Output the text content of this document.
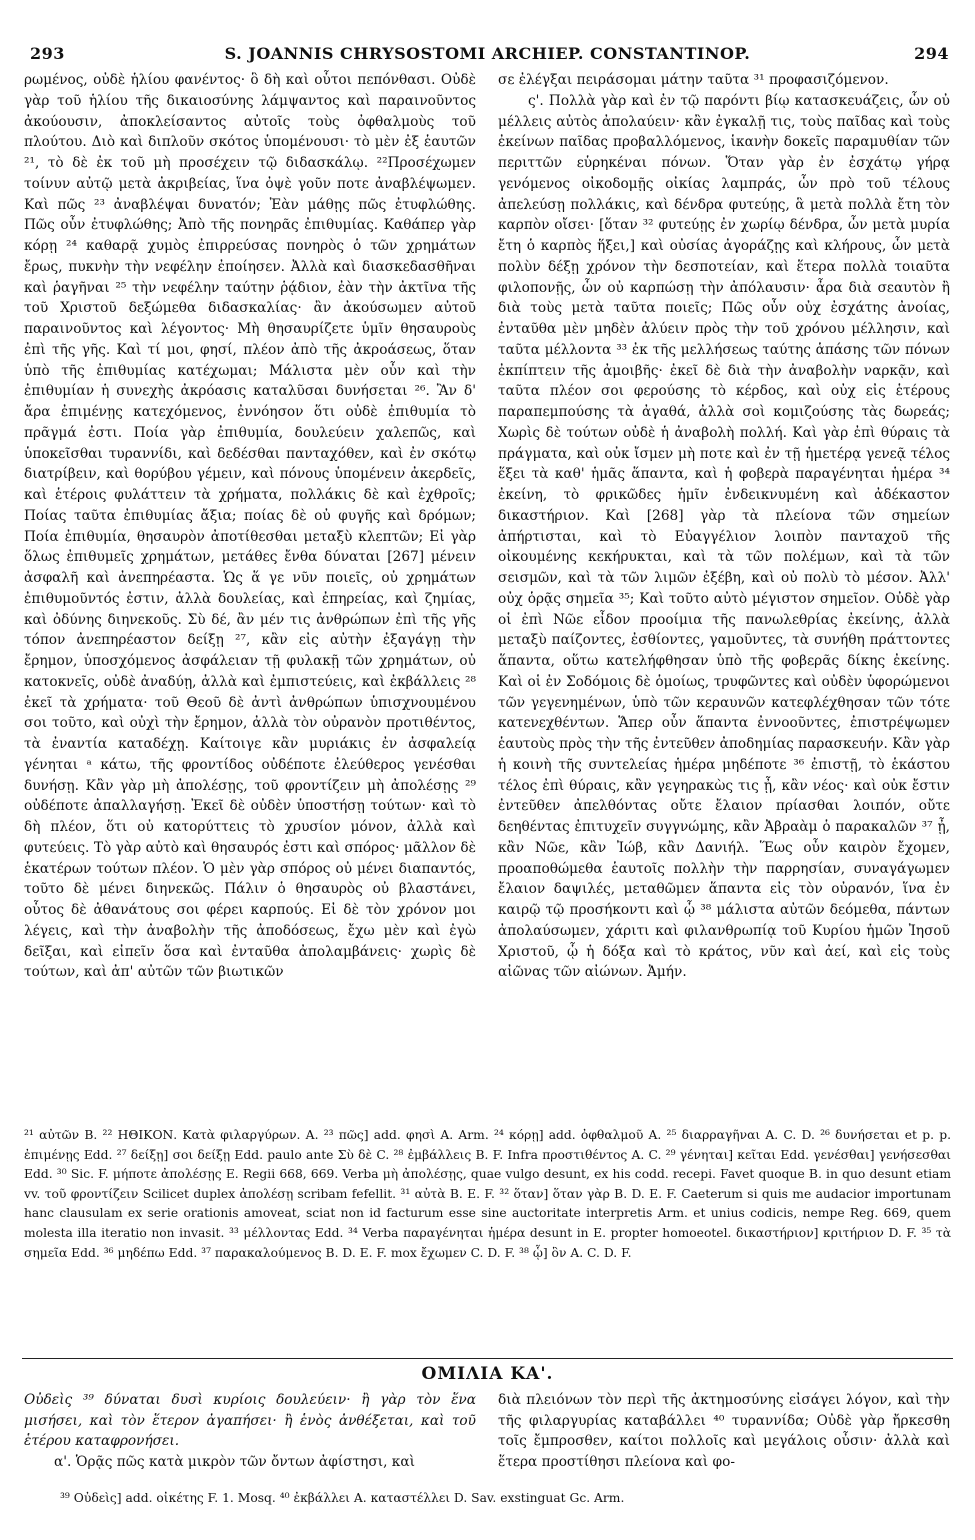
293	S. JOANNIS CHRYSOSTOMI ARCHIEP. CONSTANTINOP.	294

ρωμένος, οὐδὲ ἡλίου φανέντος· ὃ δὴ καὶ οὗτοι πεπόνθασι. Οὐδὲ γὰρ τοῦ ἡλίου τῆς δικαιοσύνης λάμψαντος καὶ παραινοῦντος ἀκούουσιν, ἀποκλείσαντος αὐτοῖς τοὺς ὀφθαλμοὺς τοῦ πλούτου. Διὸ καὶ διπλοῦν σκότος ὑπομένουσι· τὸ μὲν ἐξ ἑαυτῶν ²¹, τὸ δὲ ἐκ τοῦ μὴ προσέχειν τῷ διδασκάλῳ. ²²Προσέχωμεν τοίνυν αὐτῷ μετὰ ἀκριβείας, ἵνα ὀψὲ γοῦν ποτε ἀναβλέψωμεν. Καὶ πῶς ²³ ἀναβλέψαι δυνατόν; Ἐὰν μάθῃς πῶς ἐτυφλώθης. Πῶς οὖν ἐτυφλώθης; Ἀπὸ τῆς πονηρᾶς ἐπιθυμίας. Καθάπερ γὰρ κόρῃ ²⁴ καθαρᾷ χυμὸς ἐπιρρεύσας πονηρὸς ὁ τῶν χρημάτων ἔρως, πυκνὴν τὴν νεφέλην ἐποίησεν. Ἀλλὰ καὶ διασκεδασθῆναι καὶ ῥαγῆναι ²⁵ τὴν νεφέλην ταύτην ῥᾴδιον, ἐὰν τὴν ἀκτῖνα τῆς τοῦ Χριστοῦ δεξώμεθα διδασκαλίας· ἂν ἀκούσωμεν αὐτοῦ παραινοῦντος καὶ λέγοντος· Μὴ θησαυρίζετε ὑμῖν θησαυροὺς ἐπὶ τῆς γῆς. Καὶ τί μοι, φησί, πλέον ἀπὸ τῆς ἀκροάσεως, ὅταν ὑπὸ τῆς ἐπιθυμίας κατέχωμαι; Μάλιστα μὲν οὖν καὶ τὴν ἐπιθυμίαν ἡ συνεχὴς ἀκρόασις καταλῦσαι δυνήσεται ²⁶. Ἂν δ' ἄρα ἐπιμένῃς κατεχόμενος, ἐννόησον ὅτι οὐδὲ ἐπιθυμία τὸ πρᾶγμά ἐστι. Ποία γὰρ ἐπιθυμία, δουλεύειν χαλεπῶς, καὶ ὑποκεῖσθαι τυραννίδι, καὶ δεδέσθαι πανταχόθεν, καὶ ἐν σκότῳ διατρίβειν, καὶ θορύβου γέμειν, καὶ πόνους ὑπομένειν ἀκερδεῖς, καὶ ἑτέροις φυλάττειν τὰ χρήματα, πολλάκις δὲ καὶ ἐχθροῖς; Ποίας ταῦτα ἐπιθυμίας ἄξια; ποίας δὲ οὐ φυγῆς καὶ δρόμων; Ποία ἐπιθυμία, θησαυρὸν ἀποτίθεσθαι μεταξὺ κλεπτῶν; Εἰ γὰρ ὅλως ἐπιθυμεῖς χρημάτων, μετάθες ἔνθα δύναται [267] μένειν ἀσφαλῆ καὶ ἀνεπηρέαστα. Ὡς ἅ γε νῦν ποιεῖς, οὐ χρημάτων ἐπιθυμοῦντός ἐστιν, ἀλλὰ δουλείας, καὶ ἐπηρείας, καὶ ζημίας, καὶ ὀδύνης διηνεκοῦς. Σὺ δέ, ἂν μέν τις ἀνθρώπων ἐπὶ τῆς γῆς τόπον ἀνεπηρέαστον δείξῃ ²⁷, κἂν εἰς αὐτὴν ἐξαγάγῃ τὴν ἔρημον, ὑποσχόμενος ἀσφάλειαν τῇ φυλακῇ τῶν χρημάτων, οὐ κατοκνεῖς, οὐδὲ ἀναδύῃ, ἀλλὰ καὶ ἐμπιστεύεις, καὶ ἐκβάλλεις ²⁸ ἐκεῖ τὰ χρήματα· τοῦ Θεοῦ δὲ ἀντὶ ἀνθρώπων ὑπισχνουμένου σοι τοῦτο, καὶ οὐχὶ τὴν ἔρημον, ἀλλὰ τὸν οὐρανὸν προτιθέντος, τὰ ἐναντία καταδέχῃ. Καίτοιγε κἂν μυριάκις ἐν ἀσφαλείᾳ γένηται ᵃ κάτω, τῆς φροντίδος οὐδέποτε ἐλεύθερος γενέσθαι δυνήσῃ. Κἂν γὰρ μὴ ἀπολέσῃς, τοῦ φροντίζειν μὴ ἀπολέσῃς ²⁹ οὐδέποτε ἀπαλλαγήσῃ. Ἐκεῖ δὲ οὐδὲν ὑποστήσῃ τούτων· καὶ τὸ δὴ πλέον, ὅτι οὐ κατορύττεις τὸ χρυσίον μόνον, ἀλλὰ καὶ φυτεύεις. Τὸ γὰρ αὐτὸ καὶ θησαυρός ἐστι καὶ σπόρος· μᾶλλον δὲ ἑκατέρων τούτων πλέον. Ὁ μὲν γὰρ σπόρος οὐ μένει διαπαντός, τοῦτο δὲ μένει διηνεκῶς. Πάλιν ὁ θησαυρὸς οὐ βλαστάνει, οὗτος δὲ ἀθανάτους σοι φέρει καρπούς. Εἰ δὲ τὸν χρόνον μοι λέγεις, καὶ τὴν ἀναβολὴν τῆς ἀποδόσεως, ἔχω μὲν καὶ ἐγὼ δεῖξαι, καὶ εἰπεῖν ὅσα καὶ ἐνταῦθα ἀπολαμβάνεις· χωρὶς δὲ τούτων, καὶ ἀπ' αὐτῶν τῶν βιωτικῶν

σε ἐλέγξαι πειράσομαι μάτην ταῦτα ³¹ προφασιζόμενον.

ς'. Πολλὰ γὰρ καὶ ἐν τῷ παρόντι βίῳ κατασκευάζεις, ὧν οὐ μέλλεις αὐτὸς ἀπολαύειν· κἂν ἐγκαλῇ τις, τοὺς παῖδας καὶ τοὺς ἐκείνων παῖδας προβαλλόμενος, ἱκανὴν δοκεῖς παραμυθίαν τῶν περιττῶν εὑρηκέναι πόνων. Ὅταν γὰρ ἐν ἐσχάτῳ γήρᾳ γενόμενος οἰκοδομῇς οἰκίας λαμπράς, ὧν πρὸ τοῦ τέλους ἀπελεύσῃ πολλάκις, καὶ δένδρα φυτεύῃς, ἃ μετὰ πολλὰ ἔτη τὸν καρπὸν οἴσει· [ὅταν ³² φυτεύῃς ἐν χωρίῳ δένδρα, ὧν μετὰ μυρία ἔτη ὁ καρπὸς ἥξει,] καὶ οὐσίας ἀγοράζῃς καὶ κλήρους, ὧν μετὰ πολὺν δέξῃ χρόνον τὴν δεσποτείαν, καὶ ἕτερα πολλὰ τοιαῦτα φιλοπονῇς, ὧν οὐ καρπώσῃ τὴν ἀπόλαυσιν· ἆρα διὰ σεαυτὸν ἢ διὰ τοὺς μετὰ ταῦτα ποιεῖς; Πῶς οὖν οὐχ ἐσχάτης ἀνοίας, ἐνταῦθα μὲν μηδὲν ἀλύειν πρὸς τὴν τοῦ χρόνου μέλλησιν, καὶ ταῦτα μέλλοντα ³³ ἐκ τῆς μελλήσεως ταύτης ἁπάσης τῶν πόνων ἐκπίπτειν τῆς ἀμοιβῆς· ἐκεῖ δὲ διὰ τὴν ἀναβολὴν ναρκᾷν, καὶ ταῦτα πλέον σοι φερούσης τὸ κέρδος, καὶ οὐχ εἰς ἑτέρους παραπεμπούσης τὰ ἀγαθά, ἀλλὰ σοὶ κομιζούσης τὰς δωρεάς; Χωρὶς δὲ τούτων οὐδὲ ἡ ἀναβολὴ πολλή. Καὶ γὰρ ἐπὶ θύραις τὰ πράγματα, καὶ οὐκ ἴσμεν μὴ ποτε καὶ ἐν τῇ ἡμετέρᾳ γενεᾷ τέλος ἕξει τὰ καθ' ἡμᾶς ἅπαντα, καὶ ἡ φοβερὰ παραγένηται ἡμέρα ³⁴ ἐκείνη, τὸ φρικῶδες ἡμῖν ἐνδεικνυμένη καὶ ἀδέκαστον δικαστήριον. Καὶ [268] γὰρ τὰ πλείονα τῶν σημείων ἀπήρτισται, καὶ τὸ Εὐαγγέλιον λοιπὸν πανταχοῦ τῆς οἰκουμένης κεκήρυκται, καὶ τὰ τῶν πολέμων, καὶ τὰ τῶν σεισμῶν, καὶ τὰ τῶν λιμῶν ἐξέβη, καὶ οὐ πολὺ τὸ μέσον. Ἀλλ' οὐχ ὁρᾷς σημεῖα ³⁵; Καὶ τοῦτο αὐτὸ μέγιστον σημεῖον. Οὐδὲ γὰρ οἱ ἐπὶ Νῶε εἶδον προοίμια τῆς πανωλεθρίας ἐκείνης, ἀλλὰ μεταξὺ παίζοντες, ἐσθίοντες, γαμοῦντες, τὰ συνήθη πράττοντες ἅπαντα, οὕτω κατελήφθησαν ὑπὸ τῆς φοβερᾶς δίκης ἐκείνης. Καὶ οἱ ἐν Σοδόμοις δὲ ὁμοίως, τρυφῶντες καὶ οὐδὲν ὑφορώμενοι τῶν γεγενημένων, ὑπὸ τῶν κεραυνῶν κατεφλέχθησαν τῶν τότε κατενεχθέντων. Ἅπερ οὖν ἅπαντα ἐννοοῦντες, ἐπιστρέψωμεν ἑαυτοὺς πρὸς τὴν τῆς ἐντεῦθεν ἀποδημίας παρασκευήν. Κἂν γὰρ ἡ κοινὴ τῆς συντελείας ἡμέρα μηδέποτε ³⁶ ἐπιστῇ, τὸ ἑκάστου τέλος ἐπὶ θύραις, κἂν γεγηρακὼς τις ᾖ, κἂν νέος· καὶ οὐκ ἔστιν ἐντεῦθεν ἀπελθόντας οὔτε ἔλαιον πρίασθαι λοιπόν, οὔτε δεηθέντας ἐπιτυχεῖν συγγνώμης, κἂν Ἀβραὰμ ὁ παρακαλῶν ³⁷ ᾖ, κἂν Νῶε, κἂν Ἰώβ, κἂν Δανιήλ. Ἕως οὖν καιρὸν ἔχομεν, προαποθώμεθα ἑαυτοῖς πολλὴν τὴν παρρησίαν, συναγάγωμεν ἔλαιον δαψιλές, μεταθῶμεν ἅπαντα εἰς τὸν οὐρανόν, ἵνα ἐν καιρῷ τῷ προσήκοντι καὶ ᾧ ³⁸ μάλιστα αὐτῶν δεόμεθα, πάντων ἀπολαύσωμεν, χάριτι καὶ φιλανθρωπίᾳ τοῦ Κυρίου ἡμῶν Ἰησοῦ Χριστοῦ, ᾧ ἡ δόξα καὶ τὸ κράτος, νῦν καὶ ἀεί, καὶ εἰς τοὺς αἰῶνας τῶν αἰώνων. Ἀμήν.

²¹ αὐτῶν B. ²² ΗΘΙΚΟΝ. Κατὰ φιλαργύρων. A. ²³ πῶς] add. φησὶ A. Arm. ²⁴ κόρῃ] add. ὀφθαλμοῦ A. ²⁵ διαρραγῆναι A. C. D. ²⁶ δυνήσεται et p. p. ἐπιμένῃς Edd. ²⁷ δείξῃ] σοι δείξῃ Edd. paulo ante Σὺ δὲ C. ²⁸ ἐμβάλλεις B. F. Infra προστιθέντος A. C. ²⁹ γένηται] κεῖται Edd. γενέσθαι] γενήσεσθαι Edd. ³⁰ Sic. F. μήποτε ἀπολέσῃς E. Regii 668, 669. Verba μὴ ἀπολέσῃς, quae vulgo desunt, ex his codd. recepi. Favet quoque B. in quo desunt etiam vv. τοῦ φροντίζειν Scilicet duplex ἀπολέσῃ scribam fefellit. ³¹ αὐτὰ B. E. F. ³² ὅταν] ὅταν γὰρ B. D. E. F. Caeterum si quis me audacior importunam hanc clausulam ex serie orationis amoveat, sciat non id facturum esse sine auctoritate interpretis Arm. et unius codicis, nempe Reg. 669, quem molesta illa iteratio non invasit. ³³ μέλλοντας Edd. ³⁴ Verba παραγένηται ἡμέρα desunt in E. propter homoeotel. δικαστήριον] κριτήριον D. F. ³⁵ τὰ σημεῖα Edd. ³⁶ μηδέπω Edd. ³⁷ παρακαλούμενος B. D. E. F. mox ἔχωμεν C. D. F. ³⁸ ᾧ] ὃν A. C. D. F.

ΟΜΙΛΙΑ ΚΑ'.
Οὐδεὶς ³⁹ δύναται δυσὶ κυρίοις δουλεύειν· ἢ γὰρ τὸν ἕνα μισήσει, καὶ τὸν ἕτερον ἀγαπήσει· ἢ ἑνὸς ἀνθέξεται, καὶ τοῦ ἑτέρου καταφρονήσει.
α'. Ὁρᾷς πῶς κατὰ μικρὸν τῶν ὄντων ἀφίστησι, καὶ
διὰ πλειόνων τὸν περὶ τῆς ἀκτημοσύνης εἰσάγει λόγον, καὶ τὴν τῆς φιλαργυρίας καταβάλλει ⁴⁰ τυραννίδα; Οὐδὲ γὰρ ἤρκεσθη τοῖς ἔμπροσθεν, καίτοι πολλοῖς καὶ μεγάλοις οὖσιν· ἀλλὰ καὶ ἕτερα προστίθησι πλείονα καὶ φο-
³⁹ Οὐδεὶς] add. οἰκέτης F. 1. Mosq. ⁴⁰ ἐκβάλλει A. καταστέλλει D. Sav. exstinguat Gc. Arm.
